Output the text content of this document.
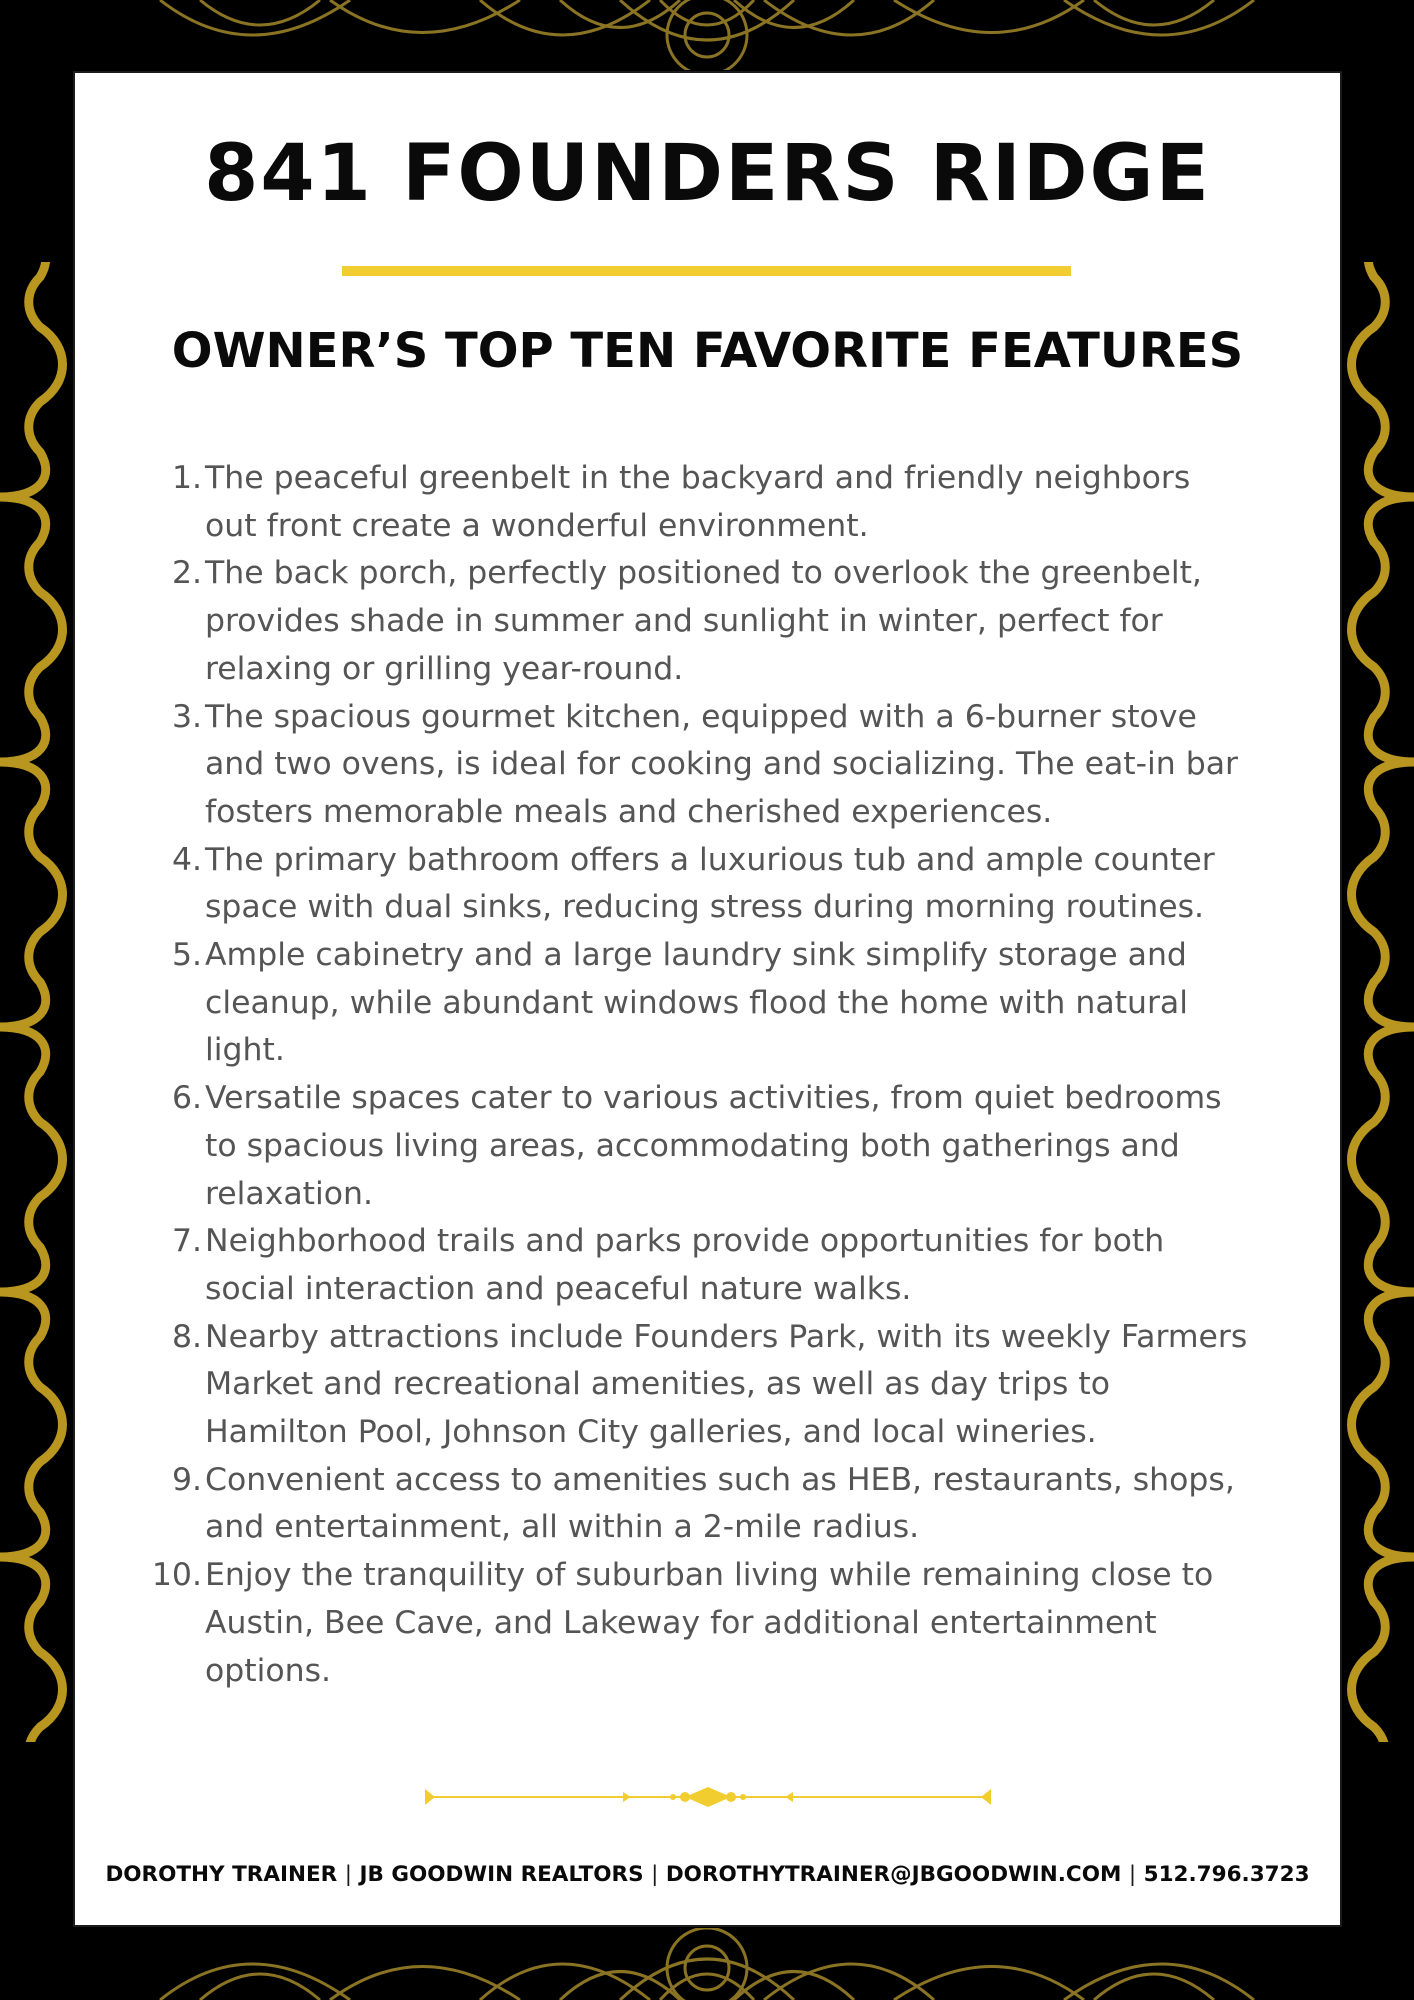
841 FOUNDERS RIDGE
OWNER’S TOP TEN FAVORITE FEATURES
1. The peaceful greenbelt in the backyard and friendly neighbors
out front create a wonderful environment.
2. The back porch, perfectly positioned to overlook the greenbelt,
provides shade in summer and sunlight in winter, perfect for
relaxing or grilling year-round.
3. The spacious gourmet kitchen, equipped with a 6-burner stove
and two ovens, is ideal for cooking and socializing. The eat-in bar
fosters memorable meals and cherished experiences.
4. The primary bathroom offers a luxurious tub and ample counter
space with dual sinks, reducing stress during morning routines.
5. Ample cabinetry and a large laundry sink simplify storage and
cleanup, while abundant windows flood the home with natural
light.
6. Versatile spaces cater to various activities, from quiet bedrooms
to spacious living areas, accommodating both gatherings and
relaxation.
7. Neighborhood trails and parks provide opportunities for both
social interaction and peaceful nature walks.
8. Nearby attractions include Founders Park, with its weekly Farmers
Market and recreational amenities, as well as day trips to
Hamilton Pool, Johnson City galleries, and local wineries.
9. Convenient access to amenities such as HEB, restaurants, shops,
and entertainment, all within a 2-mile radius.
10. Enjoy the tranquility of suburban living while remaining close to
Austin, Bee Cave, and Lakeway for additional entertainment
options.
DOROTHY TRAINER | JB GOODWIN REALTORS | DOROTHYTRAINER@JBGOODWIN.COM | 512.796.3723
